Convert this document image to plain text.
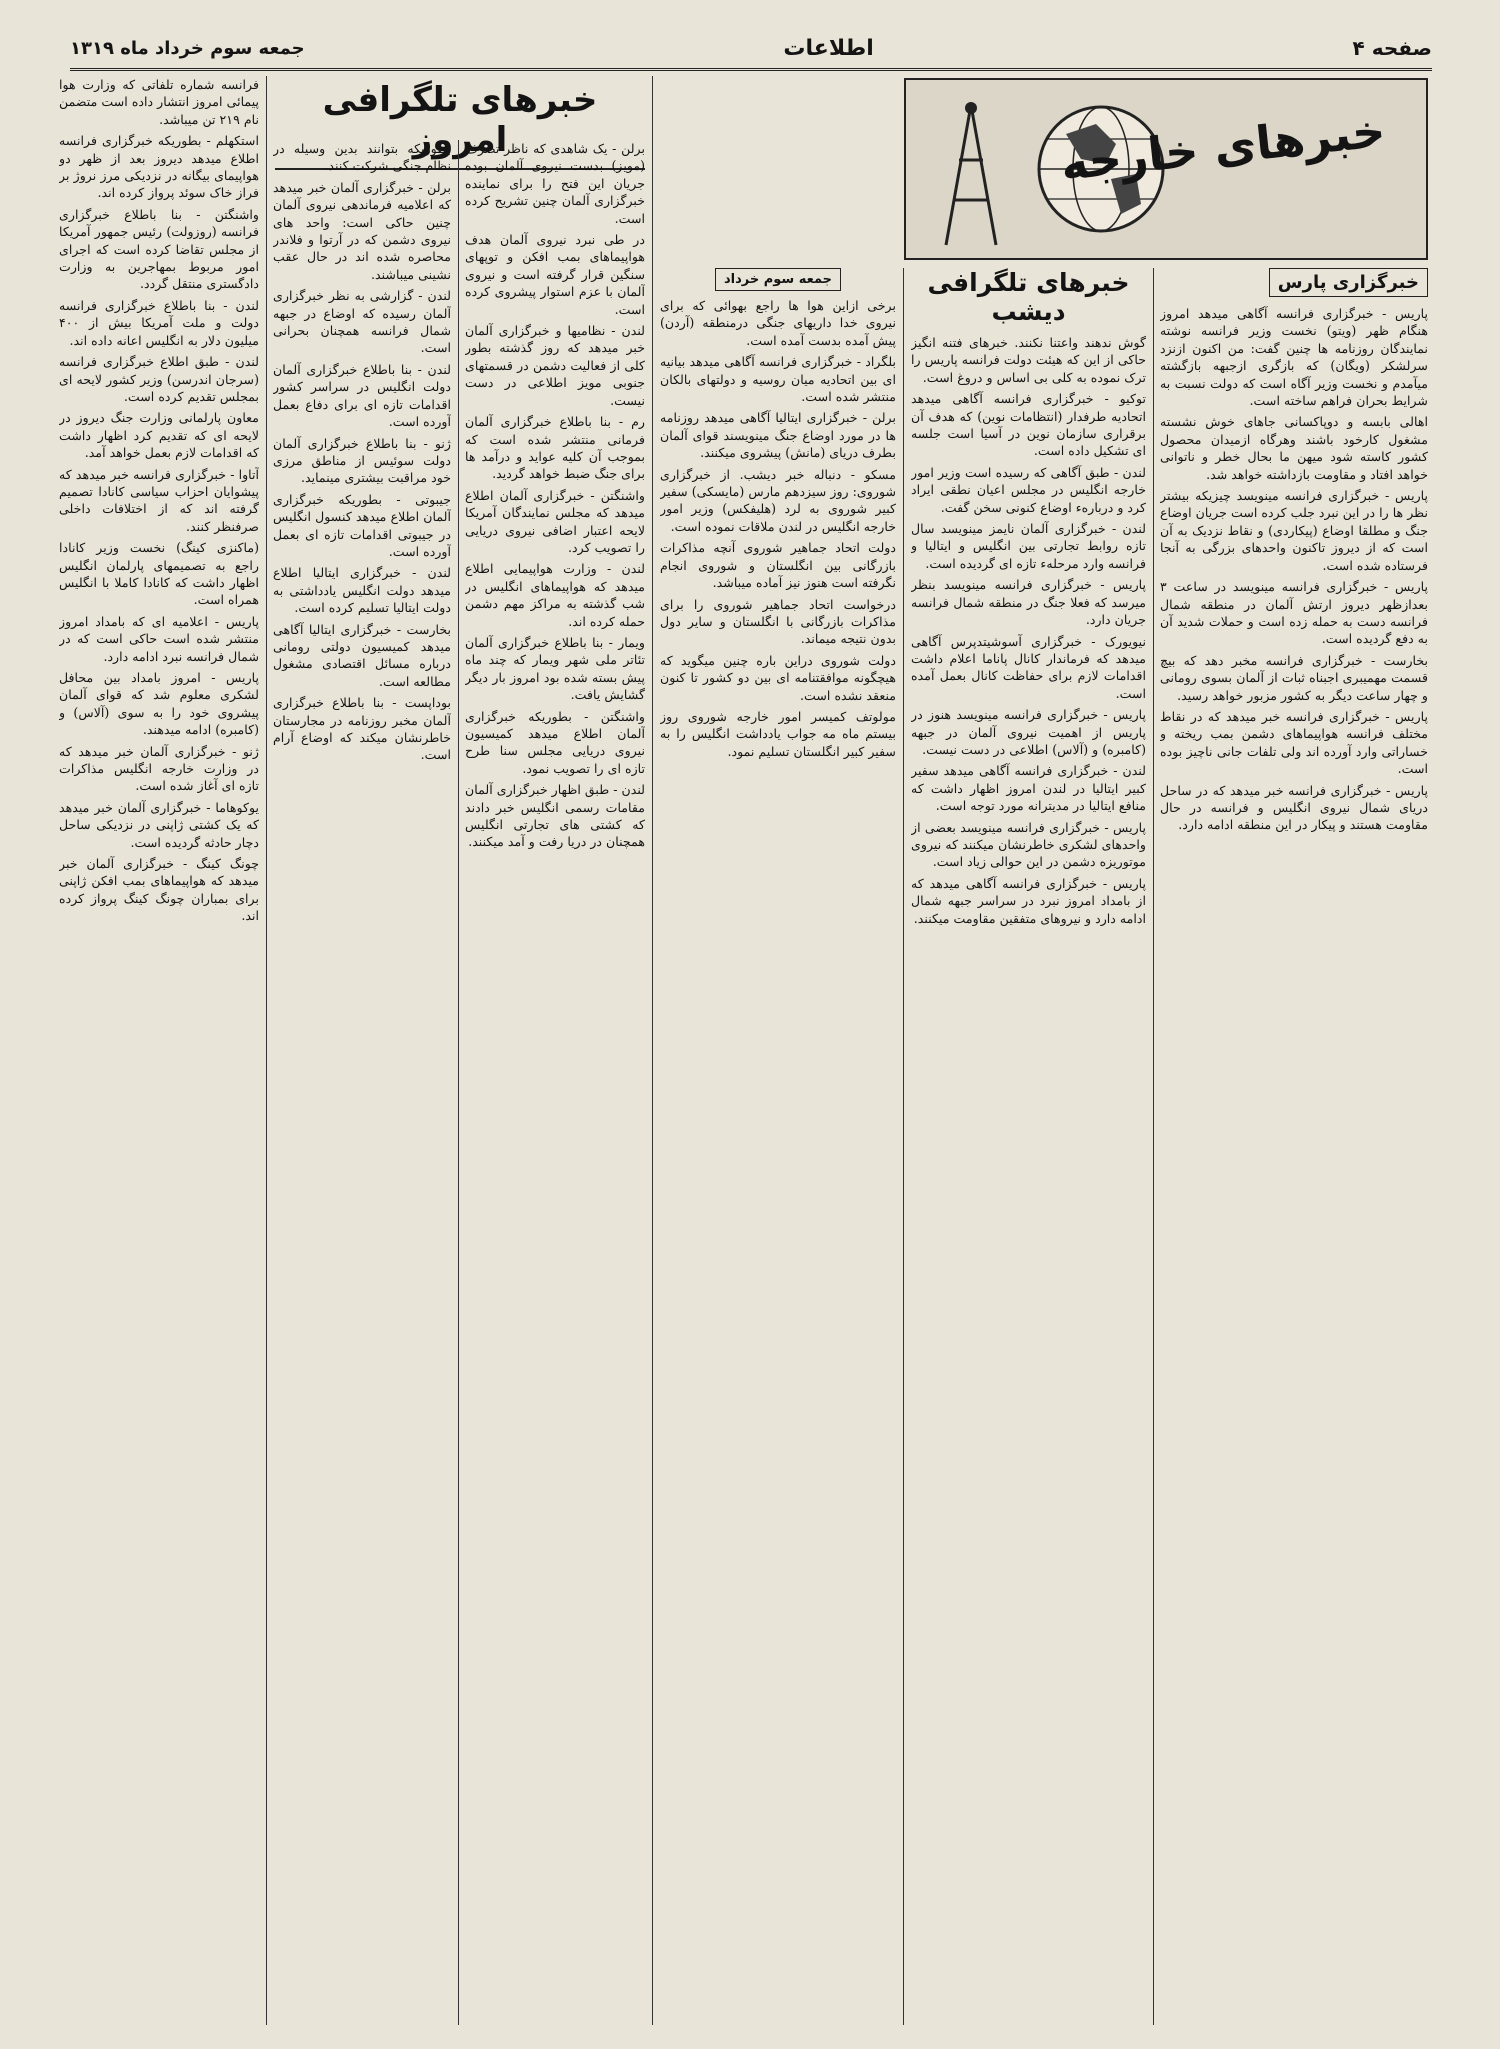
صفحه ۴
اطلاعات
جمعه سوم خرداد ماه ۱۳۱۹
خبرهای خارجه
خبرگزاری پارس

پاریس - خبرگزاری فرانسه آگاهی میدهد امروز هنگام ظهر (ویتو) نخست وزیر فرانسه نوشته نمایندگان روزنامه ها چنین گفت: من اکنون ازنزد سرلشکر (ویگان) که بازگری ازجبهه بازگشته میآمدم و نخست وزیر آگاه است که دولت نسبت به شرایط بحران فراهم ساخته است.

اهالی بابسه و دوپاکسانی جاهای خوش نشسته مشغول کارخود باشند وهرگاه ازمیدان محصول کشور کاسته شود میهن ما بحال خطر و ناتوانی خواهد افتاد و مقاومت بازداشته خواهد شد.

پاریس - خبرگزاری فرانسه مینویسد چیزیکه بیشتر نظر ها را در این نبرد جلب کرده است جریان اوضاع جنگ و مطلقا اوضاع (پیکاردی) و نقاط نزدیک به آن است که از دیروز تاکنون واحدهای بزرگی به آنجا فرستاده شده است.

پاریس - خبرگزاری فرانسه مینویسد در ساعت ۳ بعدازظهر دیروز ارتش آلمان در منطقه شمال فرانسه دست به حمله زده است و حملات شدید آن به دفع گردیده است.

بخارست - خبرگزاری فرانسه مخبر دهد که بیچ قسمت مهمیبری اجبناه ثبات از آلمان بسوی رومانی و چهار ساعت دیگر به کشور مزبور خواهد رسید.

پاریس - خبرگزاری فرانسه خبر میدهد که در نقاط مختلف فرانسه هواپیماهای دشمن بمب ریخته و خساراتی وارد آورده اند ولی تلفات جانی ناچیز بوده است.

پاریس - خبرگزاری فرانسه خبر میدهد که در ساحل دریای شمال نیروی انگلیس و فرانسه در حال مقاومت هستند و پیکار در این منطقه ادامه دارد.

خبرهای تلگرافی دیشب

گوش ندهند واعتنا نکنند. خبرهای فتنه انگیز حاکی از این که هیئت دولت فرانسه پاریس را ترک نموده به کلی بی اساس و دروغ است.

توکیو - خبرگزاری فرانسه آگاهی میدهد اتحادیه طرفدار (انتظامات نوین) که هدف آن برقراری سازمان نوین در آسیا است جلسه ای تشکیل داده است.

لندن - طبق آگاهی که رسیده است وزیر امور خارجه انگلیس در مجلس اعیان نطقی ایراد کرد و دربارهء اوضاع کنونی سخن گفت.

لندن - خبرگزاری آلمان نایمز مینویسد سال تازه روابط تجارتی بین انگلیس و ایتالیا و فرانسه وارد مرحلهء تازه ای گردیده است.

پاریس - خبرگزاری فرانسه مینویسد بنظر میرسد که فعلا جنگ در منطقه شمال فرانسه جریان دارد.

نیویورک - خبرگزاری آسوشیتدپرس آگاهی میدهد که فرماندار کانال پاناما اعلام داشت اقدامات لازم برای حفاظت کانال بعمل آمده است.

پاریس - خبرگزاری فرانسه مینویسد هنوز در پاریس از اهمیت نیروی آلمان در جبهه (کامبره) و (آلاس) اطلاعی در دست نیست.

لندن - خبرگزاری فرانسه آگاهی میدهد سفیر کبیر ایتالیا در لندن امروز اظهار داشت که منافع ایتالیا در مدیترانه مورد توجه است.

پاریس - خبرگزاری فرانسه مینویسد بعضی از واحدهای لشکری خاطرنشان میکنند که نیروی موتوریزه دشمن در این حوالی زیاد است.

پاریس - خبرگزاری فرانسه آگاهی میدهد که از بامداد امروز نبرد در سراسر جبهه شمال ادامه دارد و نیروهای متفقین مقاومت میکنند.

جمعه سوم خرداد

برخی ازاین هوا ها راجع بهوائی که برای نیروی خدا داریهای جنگی درمنطقه (آردن) پیش آمده بدست آمده است.

بلگراد - خبرگزاری فرانسه آگاهی میدهد بیانیه ای بین اتحادیه میان روسیه و دولتهای بالکان منتشر شده است.

برلن - خبرگزاری ایتالیا آگاهی میدهد روزنامه ها در مورد اوضاع جنگ مینویسند قوای آلمان بطرف دریای (مانش) پیشروی میکنند.

مسکو - دنباله خبر دیشب. از خبرگزاری شوروی: روز سیزدهم مارس (مایسکی) سفیر کبیر شوروی به لرد (هلیفکس) وزیر امور خارجه انگلیس در لندن ملاقات نموده است.

دولت اتحاد جماهیر شوروی آنچه مذاکرات بازرگانی بین انگلستان و شوروی انجام نگرفته است هنوز نیز آماده میباشد.

درخواست اتحاد جماهیر شوروی را برای مذاکرات بازرگانی با انگلستان و سایر دول بدون نتیجه میماند.

دولت شوروی دراین باره چنین میگوید که هیچگونه موافقتنامه ای بین دو کشور تا کنون منعقد نشده است.

مولوتف کمیسر امور خارجه شوروی روز بیستم ماه مه جواب یادداشت انگلیس را به سفیر کبیر انگلستان تسلیم نمود.

خبرهای تلگرافی امروز

برلن - یک شاهدی که ناظر تصرف (مویز) بدست نیروی آلمان بوده جریان این فتح را برای نماینده خبرگزاری آلمان چنین تشریح کرده است.

در طی نبرد نیروی آلمان هدف هواپیماهای بمب افکن و توپهای سنگین قرار گرفته است و نیروی آلمان با عزم استوار پیشروی کرده است.

لندن - نظامیها و خبرگزاری آلمان خبر میدهد که روز گذشته بطور کلی از فعالیت دشمن در قسمتهای جنوبی مویز اطلاعی در دست نیست.

رم - بنا باطلاع خبرگزاری آلمان فرمانی منتشر شده است که بموجب آن کلیه عواید و درآمد ها برای جنگ ضبط خواهد گردید.

واشنگتن - خبرگزاری آلمان اطلاع میدهد که مجلس نمایندگان آمریکا لایحه اعتبار اضافی نیروی دریایی را تصویب کرد.

لندن - وزارت هواپیمایی اطلاع میدهد که هواپیماهای انگلیس در شب گذشته به مراکز مهم دشمن حمله کرده اند.

ویمار - بنا باطلاع خبرگزاری آلمان تئاتر ملی شهر ویمار که چند ماه پیش بسته شده بود امروز بار دیگر گشایش یافت.

واشنگتن - بطوریکه خبرگزاری آلمان اطلاع میدهد کمیسیون نیروی دریایی مجلس سنا طرح تازه ای را تصویب نمود.

لندن - طبق اظهار خبرگزاری آلمان مقامات رسمی انگلیس خبر دادند که کشتی های تجارتی انگلیس همچنان در دریا رفت و آمد میکنند.

بطوریکه بتوانند بدین وسیله در نظام جنگی شرکت کنند.

برلن - خبرگزاری آلمان خبر میدهد که اعلامیه فرماندهی نیروی آلمان چنین حاکی است: واحد های نیروی دشمن که در آرتوا و فلاندر محاصره شده اند در حال عقب نشینی میباشند.

لندن - گزارشی به نظر خبرگزاری آلمان رسیده که اوضاع در جبهه شمال فرانسه همچنان بحرانی است.

لندن - بنا باطلاع خبرگزاری آلمان دولت انگلیس در سراسر کشور اقدامات تازه ای برای دفاع بعمل آورده است.

ژنو - بنا باطلاع خبرگزاری آلمان دولت سوئیس از مناطق مرزی خود مراقبت بیشتری مینماید.

جیبوتی - بطوریکه خبرگزاری آلمان اطلاع میدهد کنسول انگلیس در جیبوتی اقدامات تازه ای بعمل آورده است.

لندن - خبرگزاری ایتالیا اطلاع میدهد دولت انگلیس یادداشتی به دولت ایتالیا تسلیم کرده است.

بخارست - خبرگزاری ایتالیا آگاهی میدهد کمیسیون دولتی رومانی درباره مسائل اقتصادی مشغول مطالعه است.

بوداپست - بنا باطلاع خبرگزاری آلمان مخبر روزنامه در مجارستان خاطرنشان میکند که اوضاع آرام است.

فرانسه شماره تلفاتی که وزارت هوا پیمائی امروز انتشار داده است متضمن نام ۲۱۹ تن میباشد.

استکهلم - بطوریکه خبرگزاری فرانسه اطلاع میدهد دیروز بعد از ظهر دو هواپیمای بیگانه در نزدیکی مرز نروژ بر فراز خاک سوئد پرواز کرده اند.

واشنگتن - بنا باطلاع خبرگزاری فرانسه (روزولت) رئیس جمهور آمریکا از مجلس تقاضا کرده است که اجرای امور مربوط بمهاجرین به وزارت دادگستری منتقل گردد.

لندن - بنا باطلاع خبرگزاری فرانسه دولت و ملت آمریکا بیش از ۴۰۰ میلیون دلار به انگلیس اعانه داده اند.

لندن - طبق اطلاع خبرگزاری فرانسه (سرجان اندرسن) وزیر کشور لایحه ای بمجلس تقدیم کرده است.

معاون پارلمانی وزارت جنگ دیروز در لایحه ای که تقدیم کرد اظهار داشت که اقدامات لازم بعمل خواهد آمد.

آتاوا - خبرگزاری فرانسه خبر میدهد که پیشوایان احزاب سیاسی کانادا تصمیم گرفته اند که از اختلافات داخلی صرفنظر کنند.

(ماکنزی کینگ) نخست وزیر کانادا راجع به تصمیمهای پارلمان انگلیس اظهار داشت که کانادا کاملا با انگلیس همراه است.

پاریس - اعلامیه ای که بامداد امروز منتشر شده است حاکی است که در شمال فرانسه نبرد ادامه دارد.

پاریس - امروز بامداد بین محافل لشکری معلوم شد که قوای آلمان پیشروی خود را به سوی (آلاس) و (کامبره) ادامه میدهند.

ژنو - خبرگزاری آلمان خبر میدهد که در وزارت خارجه انگلیس مذاکرات تازه ای آغاز شده است.

یوکوهاما - خبرگزاری آلمان خبر میدهد که یک کشتی ژاپنی در نزدیکی ساحل دچار حادثه گردیده است.

چونگ کینگ - خبرگزاری آلمان خبر میدهد که هواپیماهای بمب افکن ژاپنی برای بمباران چونگ کینگ پرواز کرده اند.
